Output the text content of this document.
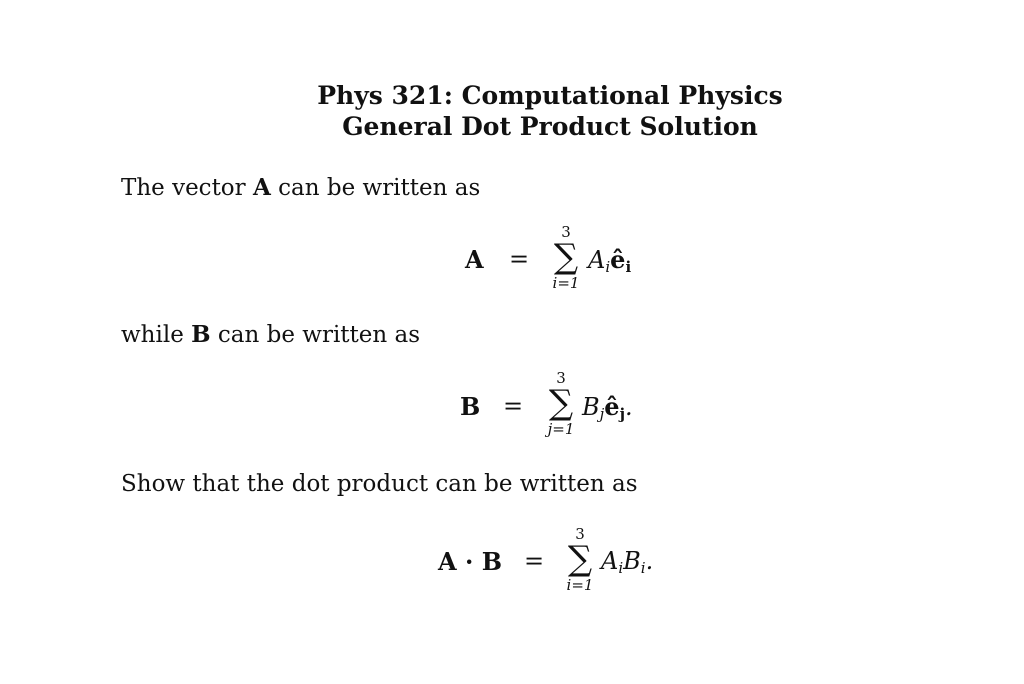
Phys 321: Computational Physics
General Dot Product Solution
The vector A can be written as
A =
3
∑
i=1
$A_iê_i$
while B can be written as
B =
3
∑
j=1
$B_jê_j$.
Show that the dot product can be written as
A · B =
3
∑
i=1
$A_iB_i$.
